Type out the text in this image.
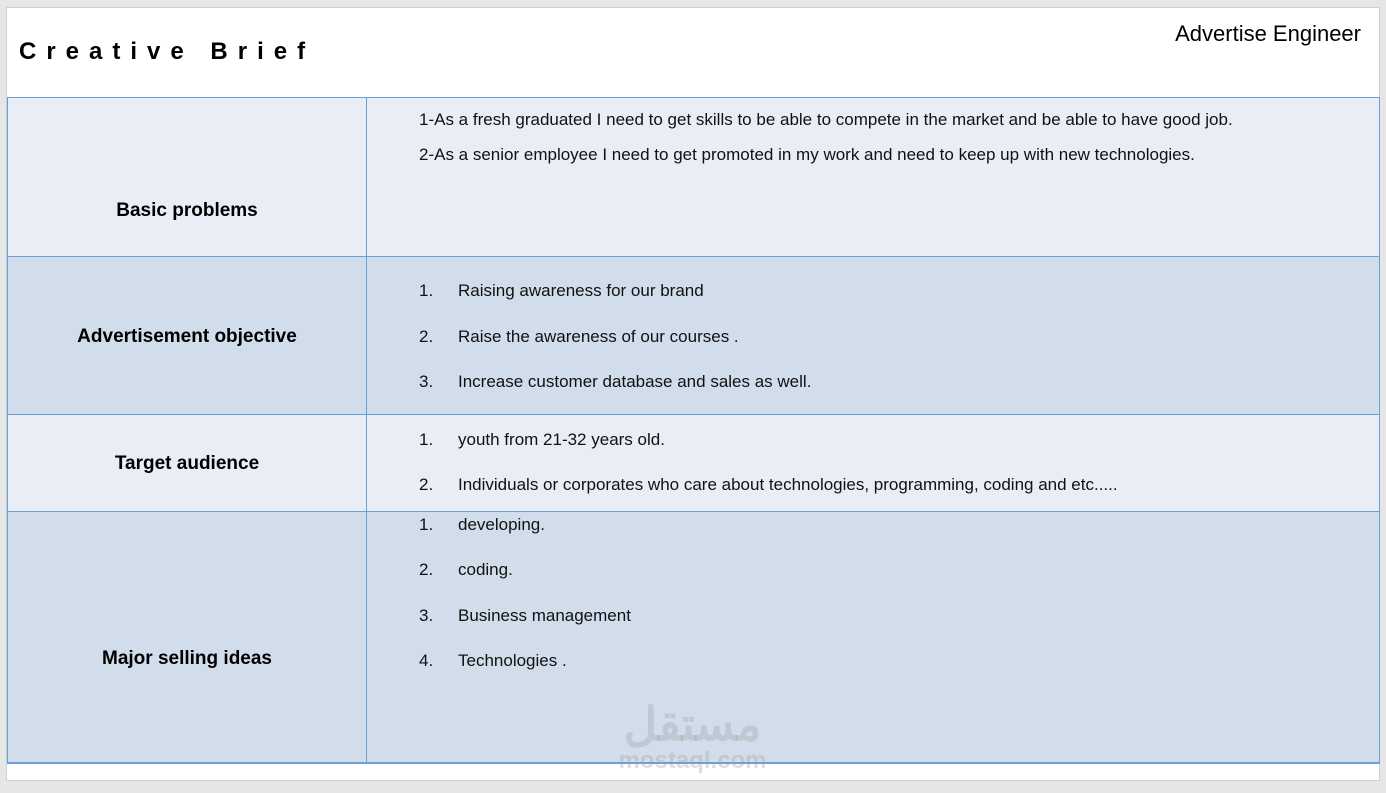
Creative Brief
Advertise Engineer
Basic problems
1-As a fresh graduated I need to get skills to be able to compete in the market and be able to have good job.
2-As a senior employee I need to get promoted in my work and need to keep up with new technologies.
Advertisement objective
1. Raising awareness for our brand
2. Raise the awareness of our courses .
3. Increase customer database and sales as well.
Target audience
1. youth from 21-32 years old.
2. Individuals or corporates who care about technologies, programming, coding and etc.....
Major selling ideas
1. developing.
2. coding.
3. Business management
4. Technologies .
مستقل
mostaql.com
